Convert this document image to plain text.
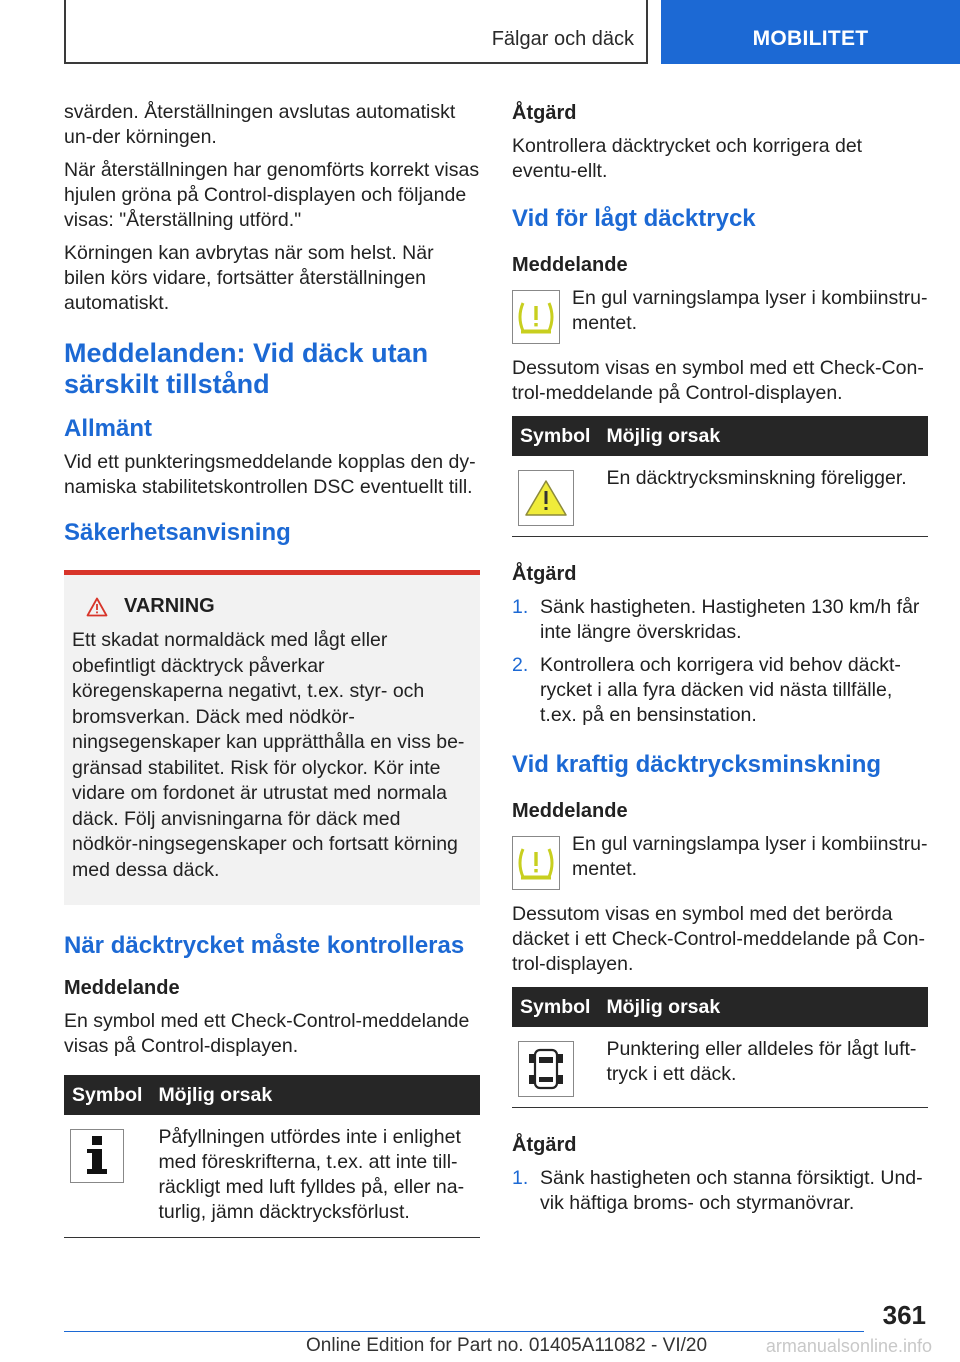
Fälgar och däck	MOBILITET

svärden. Återställningen avslutas automatiskt un‐der körningen.

När återställningen har genomförts korrekt visas hjulen gröna på Control-displayen och följande visas: "Återställning utförd."

Körningen kan avbrytas när som helst. När bilen körs vidare, fortsätter återställningen automatiskt.

Meddelanden: Vid däck utan särskilt tillstånd
Allmänt

Vid ett punkteringsmeddelande kopplas den dy‐namiska stabilitetskontrollen DSC eventuellt till.

Säkerhetsanvisning
VARNING

Ett skadat normaldäck med lågt eller obefintligt däcktryck påverkar köregenskaperna negativt, t.ex. styr- och bromsverkan. Däck med nödkör‐ningsegenskaper kan upprätthålla en viss be‐gränsad stabilitet. Risk för olyckor. Kör inte vidare om fordonet är utrustat med normala däck. Följ anvisningarna för däck med nödkör‐ningsegenskaper och fortsatt körning med dessa däck.

När däcktrycket måste kontrolleras
Meddelande

En symbol med ett Check-Control-meddelande visas på Control-displayen.

Symbol	Möjlig orsak

	Påfyllningen utfördes inte i enlighet med föreskrifterna, t.ex. att inte till‐räckligt med luft fylldes på, eller na‐turlig, jämn däcktrycksförlust.
Åtgärd

Kontrollera däcktrycket och korrigera det eventu‐ellt.

Vid för lågt däcktryck
Meddelande

En gul varningslampa lyser i kombiinstru‐mentet.

Dessutom visas en symbol med ett Check-Con‐trol-meddelande på Control-displayen.

Symbol	Möjlig orsak

	En däcktrycksminskning föreligger.
Åtgärd
1. Sänk hastigheten. Hastigheten 130 km/h får inte längre överskridas.
2. Kontrollera och korrigera vid behov däckt‐rycket i alla fyra däcken vid nästa tillfälle, t.ex. på en bensinstation.
Vid kraftig däcktrycksminskning
Meddelande

En gul varningslampa lyser i kombiinstru‐mentet.

Dessutom visas en symbol med det berörda däcket i ett Check-Control-meddelande på Con‐trol-displayen.

Symbol	Möjlig orsak

	Punktering eller alldeles för lågt luft‐tryck i ett däck.
Åtgärd
1. Sänk hastigheten och stanna försiktigt. Und‐vik häftiga broms- och styrmanövrar.
361
Online Edition for Part no. 01405A11082 - VI/20	armanualsonline.info
